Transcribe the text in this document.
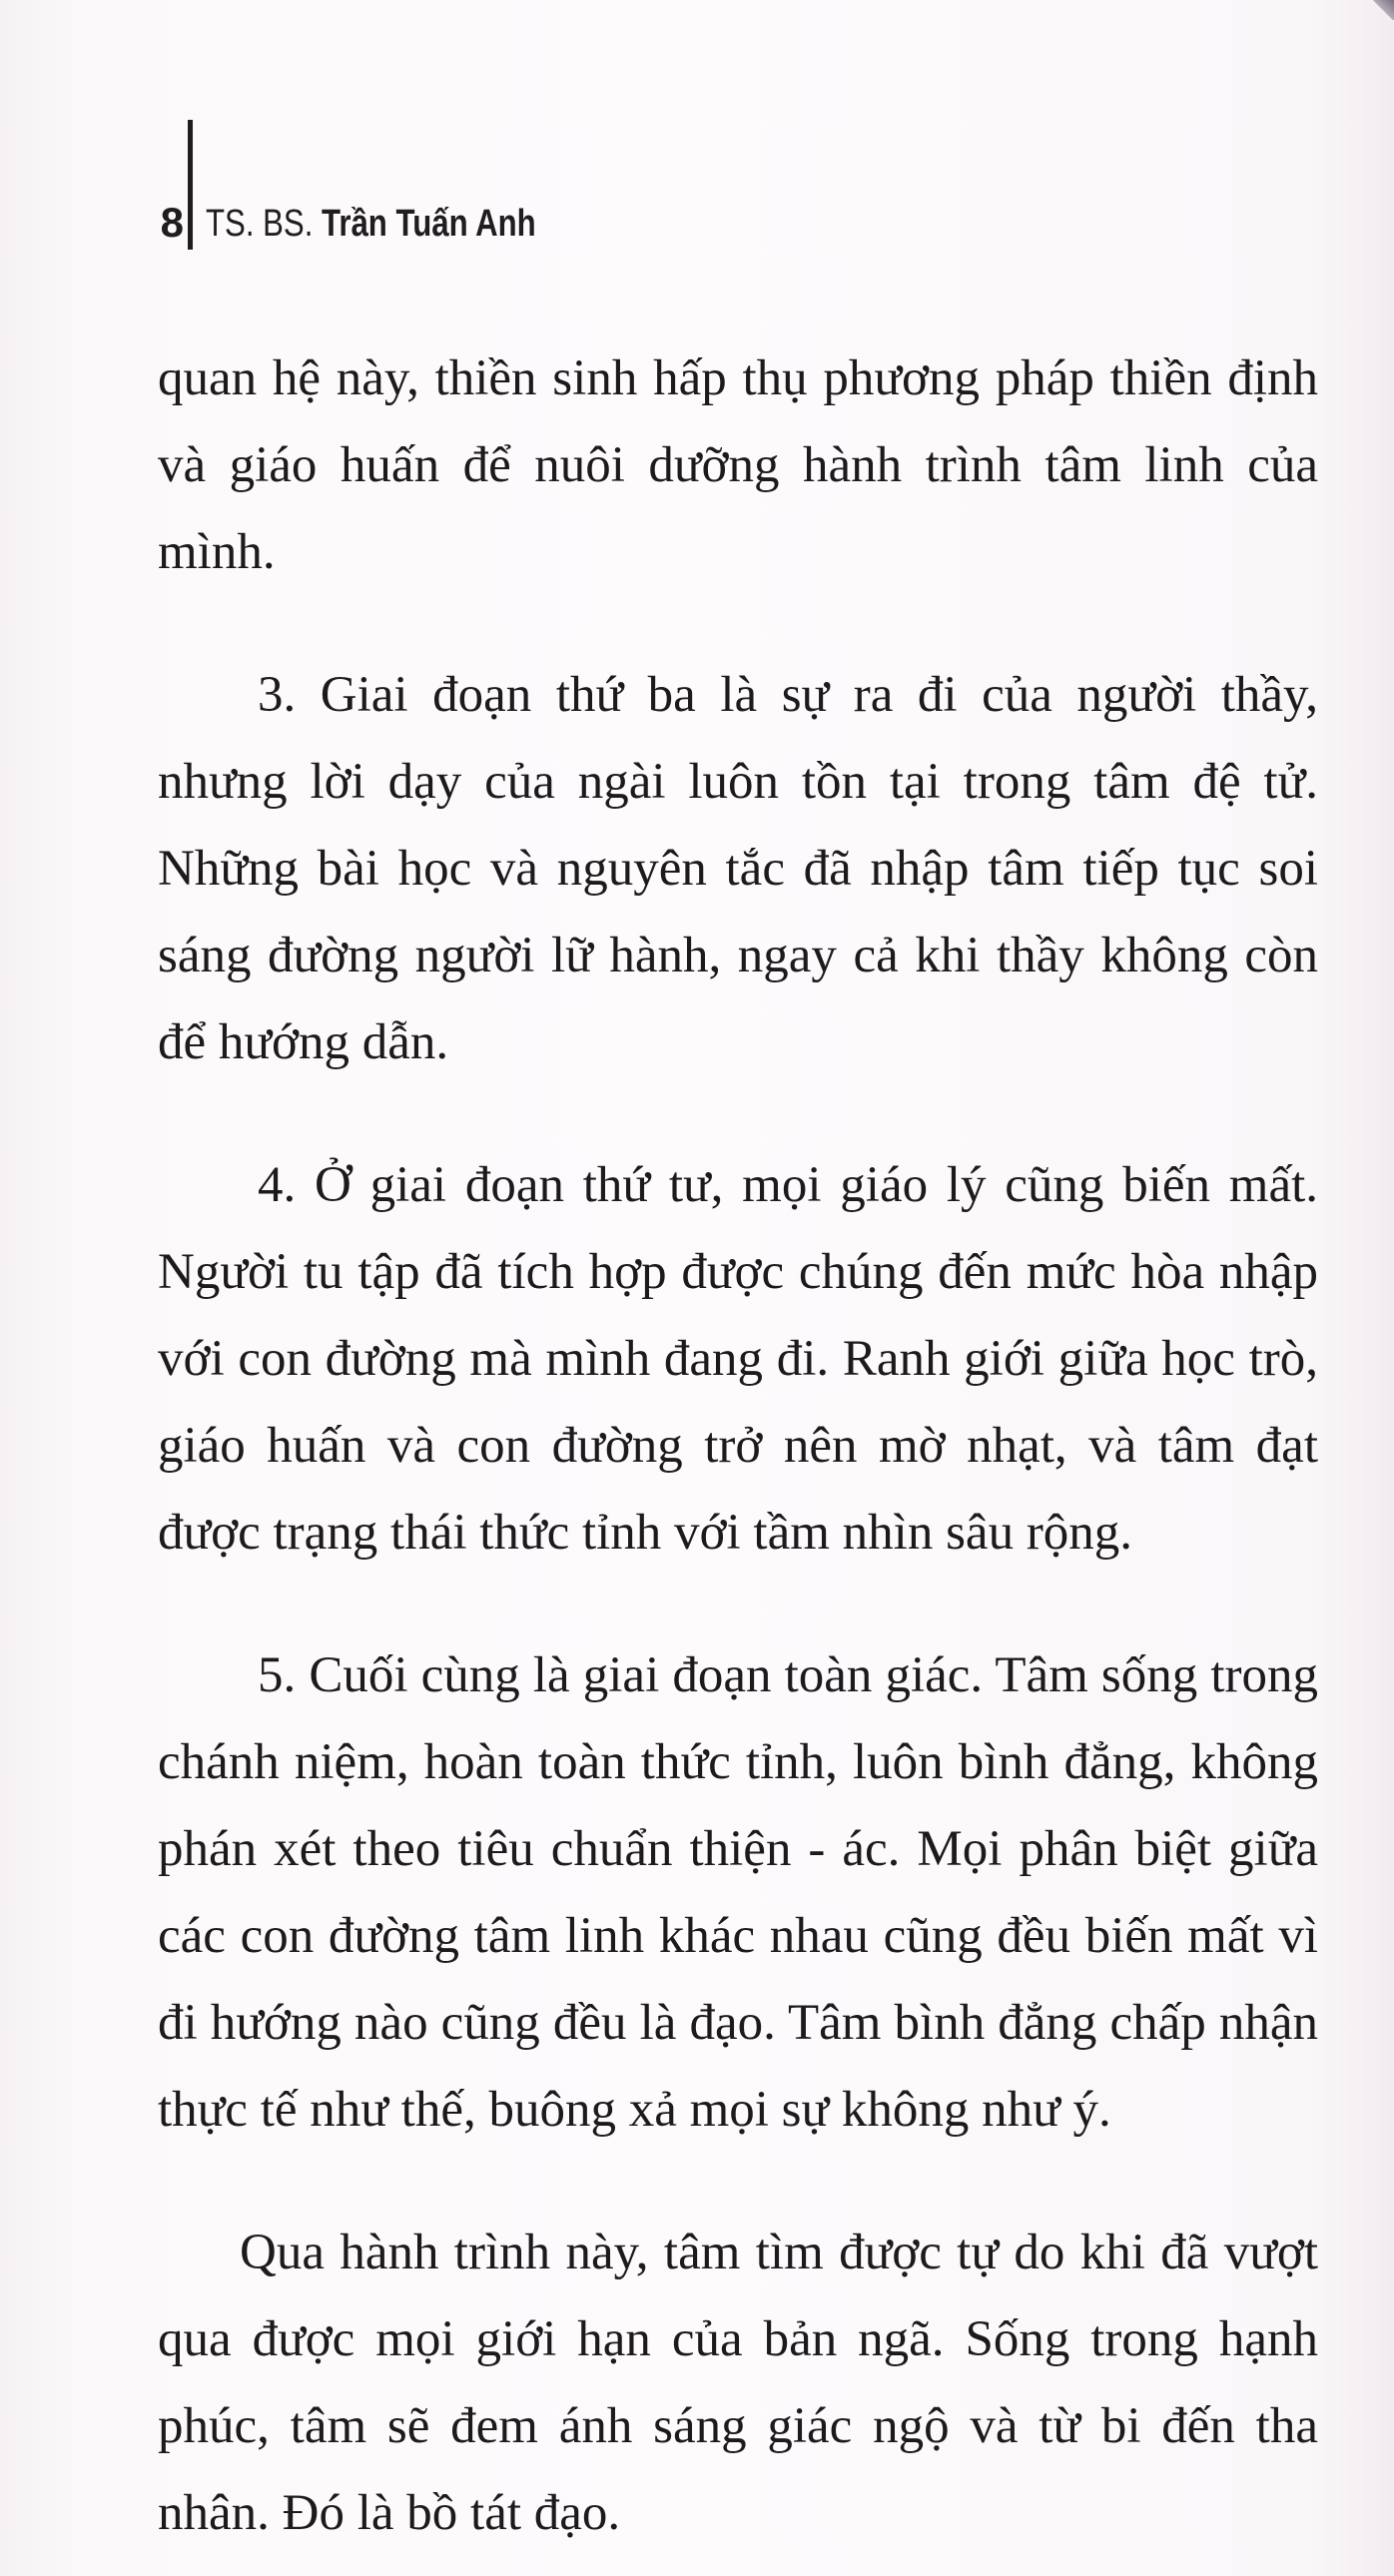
8 TS. BS. Trần Tuấn Anh

quan hệ này, thiền sinh hấp thụ phương pháp thiền định và giáo huấn để nuôi dưỡng hành trình tâm linh của mình.

3. Giai đoạn thứ ba là sự ra đi của người thầy, nhưng lời dạy của ngài luôn tồn tại trong tâm đệ tử. Những bài học và nguyên tắc đã nhập tâm tiếp tục soi sáng đường người lữ hành, ngay cả khi thầy không còn để hướng dẫn.

4. Ở giai đoạn thứ tư, mọi giáo lý cũng biến mất. Người tu tập đã tích hợp được chúng đến mức hòa nhập với con đường mà mình đang đi. Ranh giới giữa học trò, giáo huấn và con đường trở nên mờ nhạt, và tâm đạt được trạng thái thức tỉnh với tầm nhìn sâu rộng.

5. Cuối cùng là giai đoạn toàn giác. Tâm sống trong chánh niệm, hoàn toàn thức tỉnh, luôn bình đẳng, không phán xét theo tiêu chuẩn thiện - ác. Mọi phân biệt giữa các con đường tâm linh khác nhau cũng đều biến mất vì đi hướng nào cũng đều là đạo. Tâm bình đẳng chấp nhận thực tế như thế, buông xả mọi sự không như ý.

Qua hành trình này, tâm tìm được tự do khi đã vượt qua được mọi giới hạn của bản ngã. Sống trong hạnh phúc, tâm sẽ đem ánh sáng giác ngộ và từ bi đến tha nhân. Đó là bồ tát đạo.
